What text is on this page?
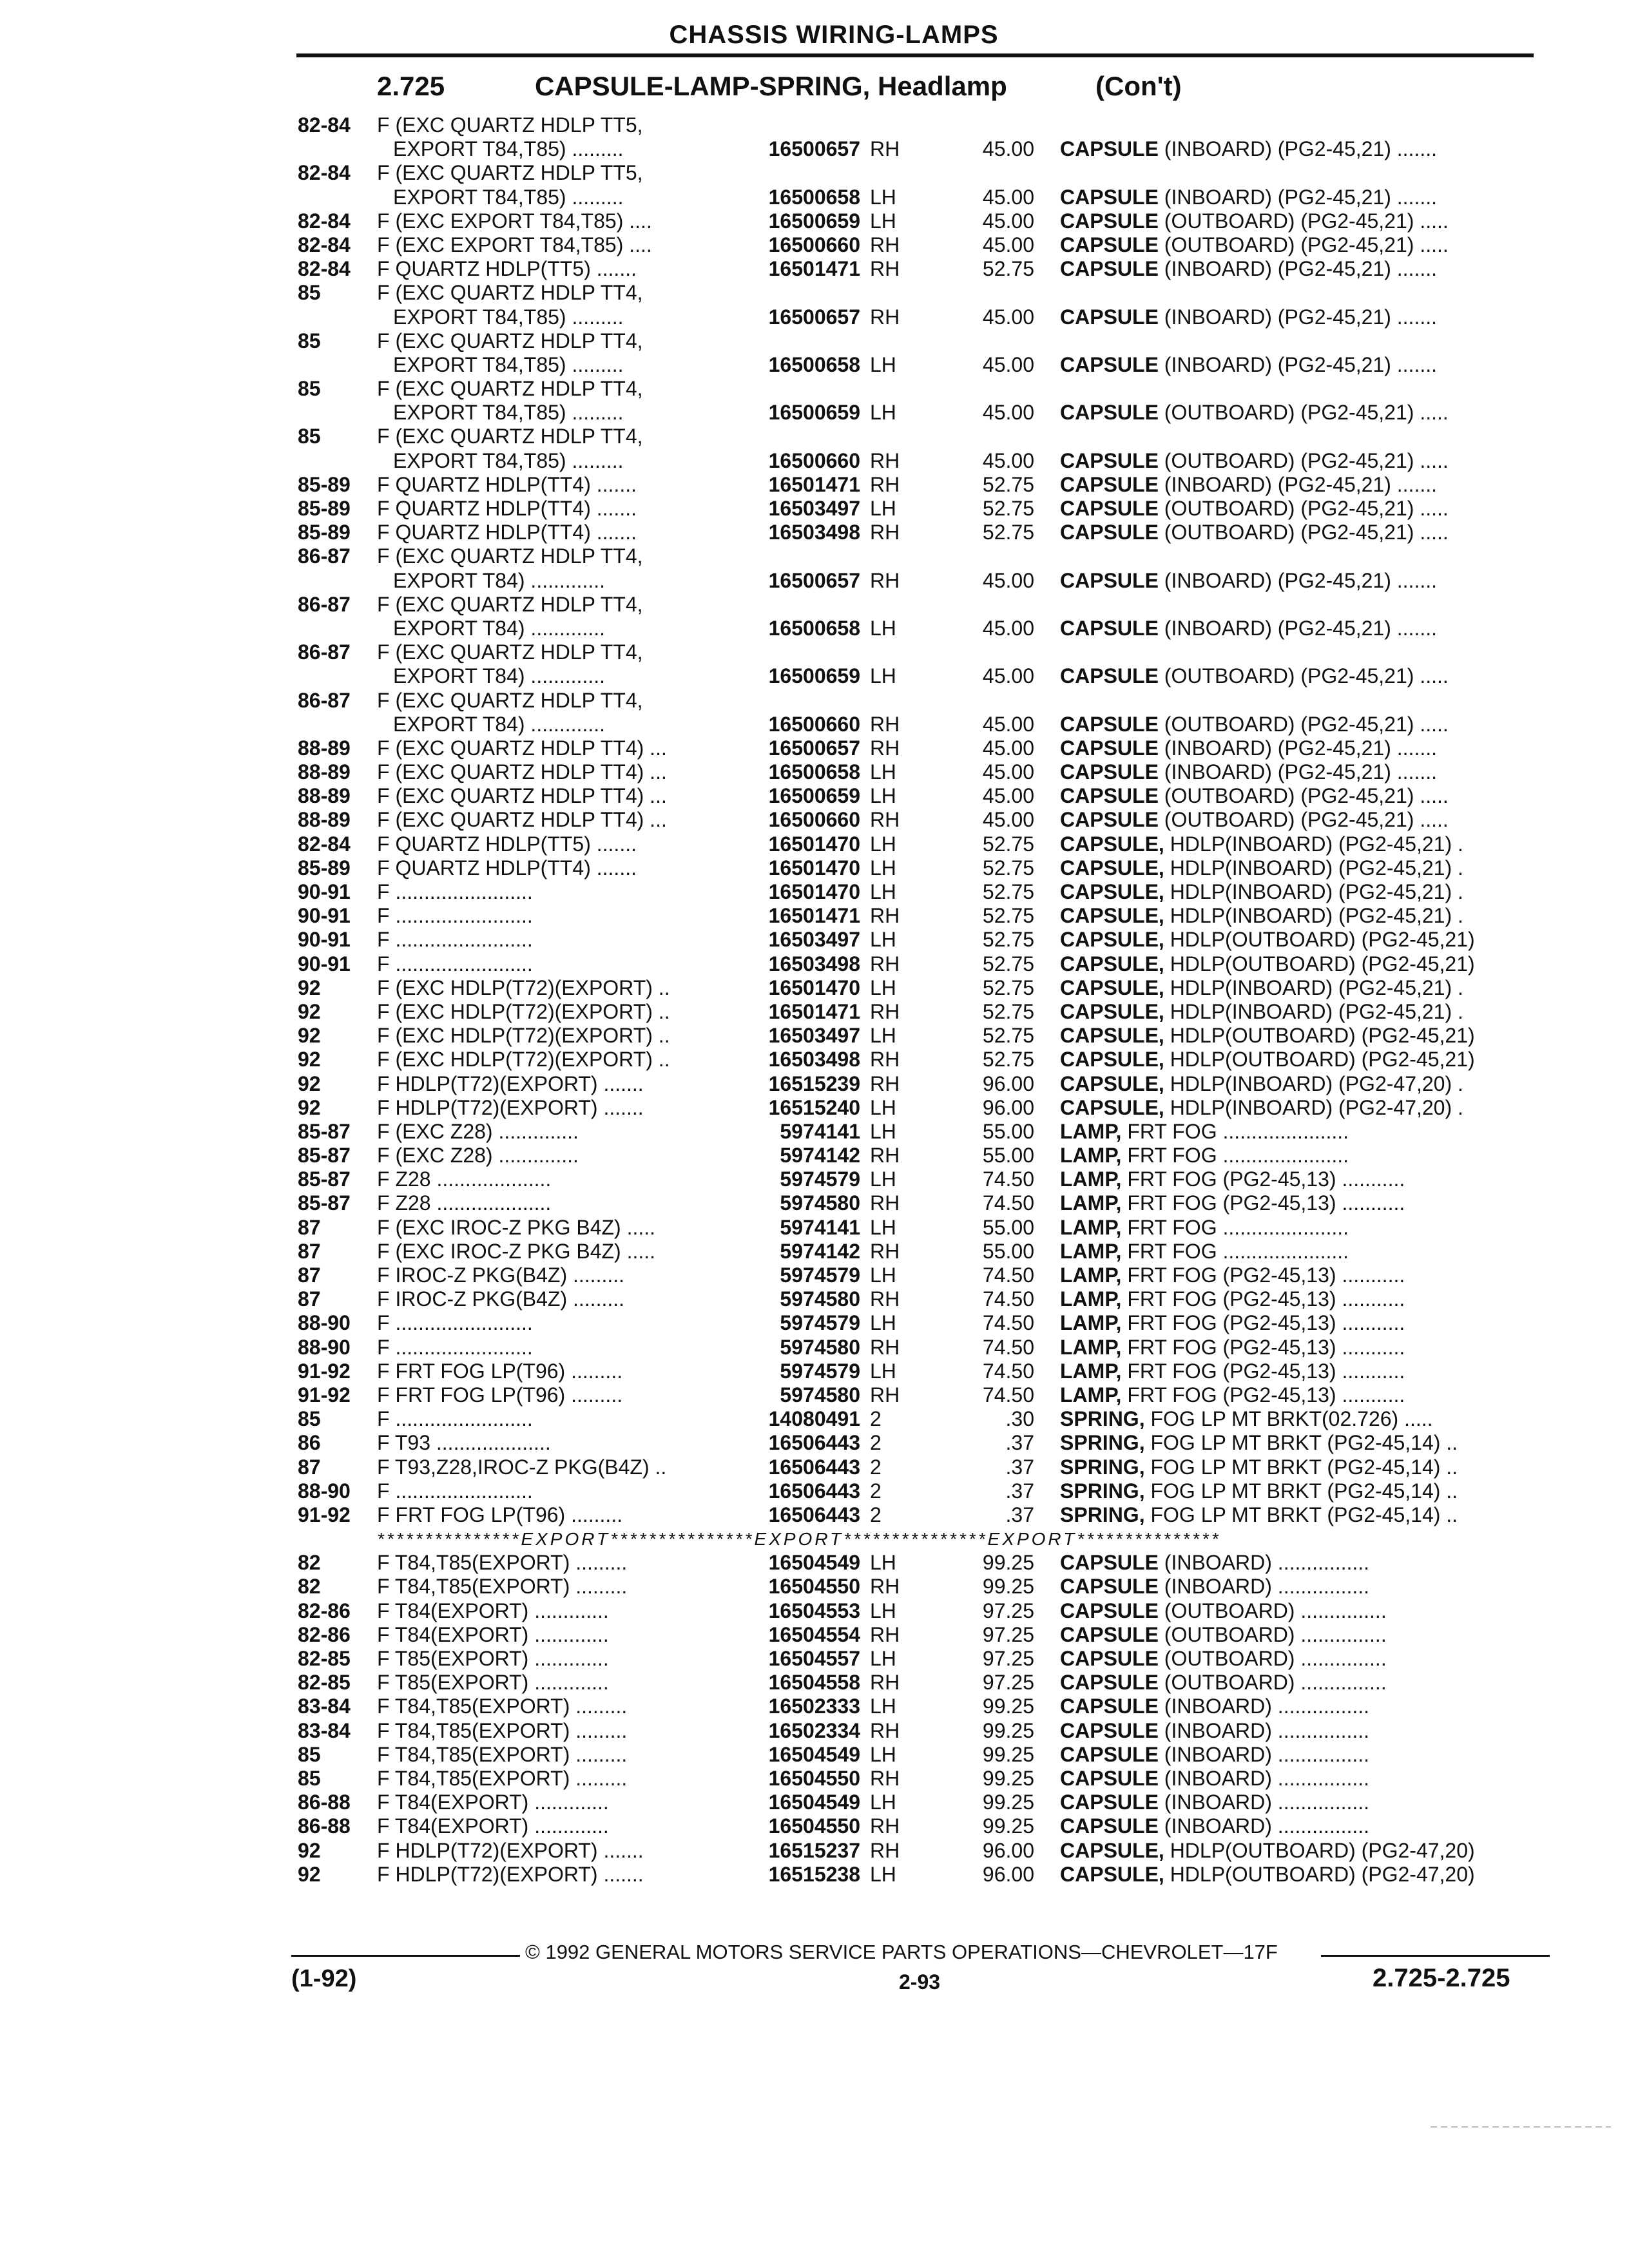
CHASSIS WIRING-LAMPS
2.725	CAPSULE-LAMP-SPRING, Headlamp	(Con't)
82-84	F (EXC QUARTZ HDLP TT5,
EXPORT T84,T85) .........	16500657 RH	45.00 CAPSULE (INBOARD) (PG2-45,21) .......
82-84	F (EXC QUARTZ HDLP TT5,
EXPORT T84,T85) .........	16500658 LH	45.00 CAPSULE (INBOARD) (PG2-45,21) .......
82-84	F (EXC EXPORT T84,T85) ....	16500659 LH	45.00 CAPSULE (OUTBOARD) (PG2-45,21) .....
82-84	F (EXC EXPORT T84,T85) ....	16500660 RH	45.00 CAPSULE (OUTBOARD) (PG2-45,21) .....
82-84	F QUARTZ HDLP(TT5) .......	16501471 RH	52.75 CAPSULE (INBOARD) (PG2-45,21) .......
85	F (EXC QUARTZ HDLP TT4,
EXPORT T84,T85) .........	16500657 RH	45.00 CAPSULE (INBOARD) (PG2-45,21) .......
85	F (EXC QUARTZ HDLP TT4,
EXPORT T84,T85) .........	16500658 LH	45.00 CAPSULE (INBOARD) (PG2-45,21) .......
85	F (EXC QUARTZ HDLP TT4,
EXPORT T84,T85) .........	16500659 LH	45.00 CAPSULE (OUTBOARD) (PG2-45,21) .....
85	F (EXC QUARTZ HDLP TT4,
EXPORT T84,T85) .........	16500660 RH	45.00 CAPSULE (OUTBOARD) (PG2-45,21) .....
85-89	F QUARTZ HDLP(TT4) .......	16501471 RH	52.75 CAPSULE (INBOARD) (PG2-45,21) .......
85-89	F QUARTZ HDLP(TT4) .......	16503497 LH	52.75 CAPSULE (OUTBOARD) (PG2-45,21) .....
85-89	F QUARTZ HDLP(TT4) .......	16503498 RH	52.75 CAPSULE (OUTBOARD) (PG2-45,21) .....
86-87	F (EXC QUARTZ HDLP TT4,
EXPORT T84) .............	16500657 RH	45.00 CAPSULE (INBOARD) (PG2-45,21) .......
86-87	F (EXC QUARTZ HDLP TT4,
EXPORT T84) .............	16500658 LH	45.00 CAPSULE (INBOARD) (PG2-45,21) .......
86-87	F (EXC QUARTZ HDLP TT4,
EXPORT T84) .............	16500659 LH	45.00 CAPSULE (OUTBOARD) (PG2-45,21) .....
86-87	F (EXC QUARTZ HDLP TT4,
EXPORT T84) .............	16500660 RH	45.00 CAPSULE (OUTBOARD) (PG2-45,21) .....
88-89	F (EXC QUARTZ HDLP TT4) ...	16500657 RH	45.00 CAPSULE (INBOARD) (PG2-45,21) .......
88-89	F (EXC QUARTZ HDLP TT4) ...	16500658 LH	45.00 CAPSULE (INBOARD) (PG2-45,21) .......
88-89	F (EXC QUARTZ HDLP TT4) ...	16500659 LH	45.00 CAPSULE (OUTBOARD) (PG2-45,21) .....
88-89	F (EXC QUARTZ HDLP TT4) ...	16500660 RH	45.00 CAPSULE (OUTBOARD) (PG2-45,21) .....
82-84	F QUARTZ HDLP(TT5) .......	16501470 LH	52.75 CAPSULE, HDLP(INBOARD) (PG2-45,21) .
85-89	F QUARTZ HDLP(TT4) .......	16501470 LH	52.75 CAPSULE, HDLP(INBOARD) (PG2-45,21) .
90-91	F ........................	16501470 LH	52.75 CAPSULE, HDLP(INBOARD) (PG2-45,21) .
90-91	F ........................	16501471 RH	52.75 CAPSULE, HDLP(INBOARD) (PG2-45,21) .
90-91	F ........................	16503497 LH	52.75 CAPSULE, HDLP(OUTBOARD) (PG2-45,21)
90-91	F ........................	16503498 RH	52.75 CAPSULE, HDLP(OUTBOARD) (PG2-45,21)
92	F (EXC HDLP(T72)(EXPORT) ..	16501470 LH	52.75 CAPSULE, HDLP(INBOARD) (PG2-45,21) .
92	F (EXC HDLP(T72)(EXPORT) ..	16501471 RH	52.75 CAPSULE, HDLP(INBOARD) (PG2-45,21) .
92	F (EXC HDLP(T72)(EXPORT) ..	16503497 LH	52.75 CAPSULE, HDLP(OUTBOARD) (PG2-45,21)
92	F (EXC HDLP(T72)(EXPORT) ..	16503498 RH	52.75 CAPSULE, HDLP(OUTBOARD) (PG2-45,21)
92	F HDLP(T72)(EXPORT) .......	16515239 RH	96.00 CAPSULE, HDLP(INBOARD) (PG2-47,20) .
92	F HDLP(T72)(EXPORT) .......	16515240 LH	96.00 CAPSULE, HDLP(INBOARD) (PG2-47,20) .
85-87	F (EXC Z28) ..............	5974141 LH	55.00 LAMP, FRT FOG ......................
85-87	F (EXC Z28) ..............	5974142 RH	55.00 LAMP, FRT FOG ......................
85-87	F Z28 ....................	5974579 LH	74.50 LAMP, FRT FOG (PG2-45,13) ...........
85-87	F Z28 ....................	5974580 RH	74.50 LAMP, FRT FOG (PG2-45,13) ...........
87	F (EXC IROC-Z PKG B4Z) .....	5974141 LH	55.00 LAMP, FRT FOG ......................
87	F (EXC IROC-Z PKG B4Z) .....	5974142 RH	55.00 LAMP, FRT FOG ......................
87	F IROC-Z PKG(B4Z) .........	5974579 LH	74.50 LAMP, FRT FOG (PG2-45,13) ...........
87	F IROC-Z PKG(B4Z) .........	5974580 RH	74.50 LAMP, FRT FOG (PG2-45,13) ...........
88-90	F ........................	5974579 LH	74.50 LAMP, FRT FOG (PG2-45,13) ...........
88-90	F ........................	5974580 RH	74.50 LAMP, FRT FOG (PG2-45,13) ...........
91-92	F FRT FOG LP(T96) .........	5974579 LH	74.50 LAMP, FRT FOG (PG2-45,13) ...........
91-92	F FRT FOG LP(T96) .........	5974580 RH	74.50 LAMP, FRT FOG (PG2-45,13) ...........
85	F ........................	14080491 2	.30 SPRING, FOG LP MT BRKT(02.726) .....
86	F T93 ....................	16506443 2	.37 SPRING, FOG LP MT BRKT (PG2-45,14) ..
87	F T93,Z28,IROC-Z PKG(B4Z) ..	16506443 2	.37 SPRING, FOG LP MT BRKT (PG2-45,14) ..
88-90	F ........................	16506443 2	.37 SPRING, FOG LP MT BRKT (PG2-45,14) ..
91-92	F FRT FOG LP(T96) .........	16506443 2	.37 SPRING, FOG LP MT BRKT (PG2-45,14) ..
***************EXPORT***************EXPORT***************EXPORT***************
82	F T84,T85(EXPORT) .........	16504549 LH	99.25 CAPSULE (INBOARD) ................
82	F T84,T85(EXPORT) .........	16504550 RH	99.25 CAPSULE (INBOARD) ................
82-86	F T84(EXPORT) .............	16504553 LH	97.25 CAPSULE (OUTBOARD) ...............
82-86	F T84(EXPORT) .............	16504554 RH	97.25 CAPSULE (OUTBOARD) ...............
82-85	F T85(EXPORT) .............	16504557 LH	97.25 CAPSULE (OUTBOARD) ...............
82-85	F T85(EXPORT) .............	16504558 RH	97.25 CAPSULE (OUTBOARD) ...............
83-84	F T84,T85(EXPORT) .........	16502333 LH	99.25 CAPSULE (INBOARD) ................
83-84	F T84,T85(EXPORT) .........	16502334 RH	99.25 CAPSULE (INBOARD) ................
85	F T84,T85(EXPORT) .........	16504549 LH	99.25 CAPSULE (INBOARD) ................
85	F T84,T85(EXPORT) .........	16504550 RH	99.25 CAPSULE (INBOARD) ................
86-88	F T84(EXPORT) .............	16504549 LH	99.25 CAPSULE (INBOARD) ................
86-88	F T84(EXPORT) .............	16504550 RH	99.25 CAPSULE (INBOARD) ................
92	F HDLP(T72)(EXPORT) .......	16515237 RH	96.00 CAPSULE, HDLP(OUTBOARD) (PG2-47,20)
92	F HDLP(T72)(EXPORT) .......	16515238 LH	96.00 CAPSULE, HDLP(OUTBOARD) (PG2-47,20)
© 1992 GENERAL MOTORS SERVICE PARTS OPERATIONS—CHEVROLET—17F
(1-92)	2-93	2.725-2.725
